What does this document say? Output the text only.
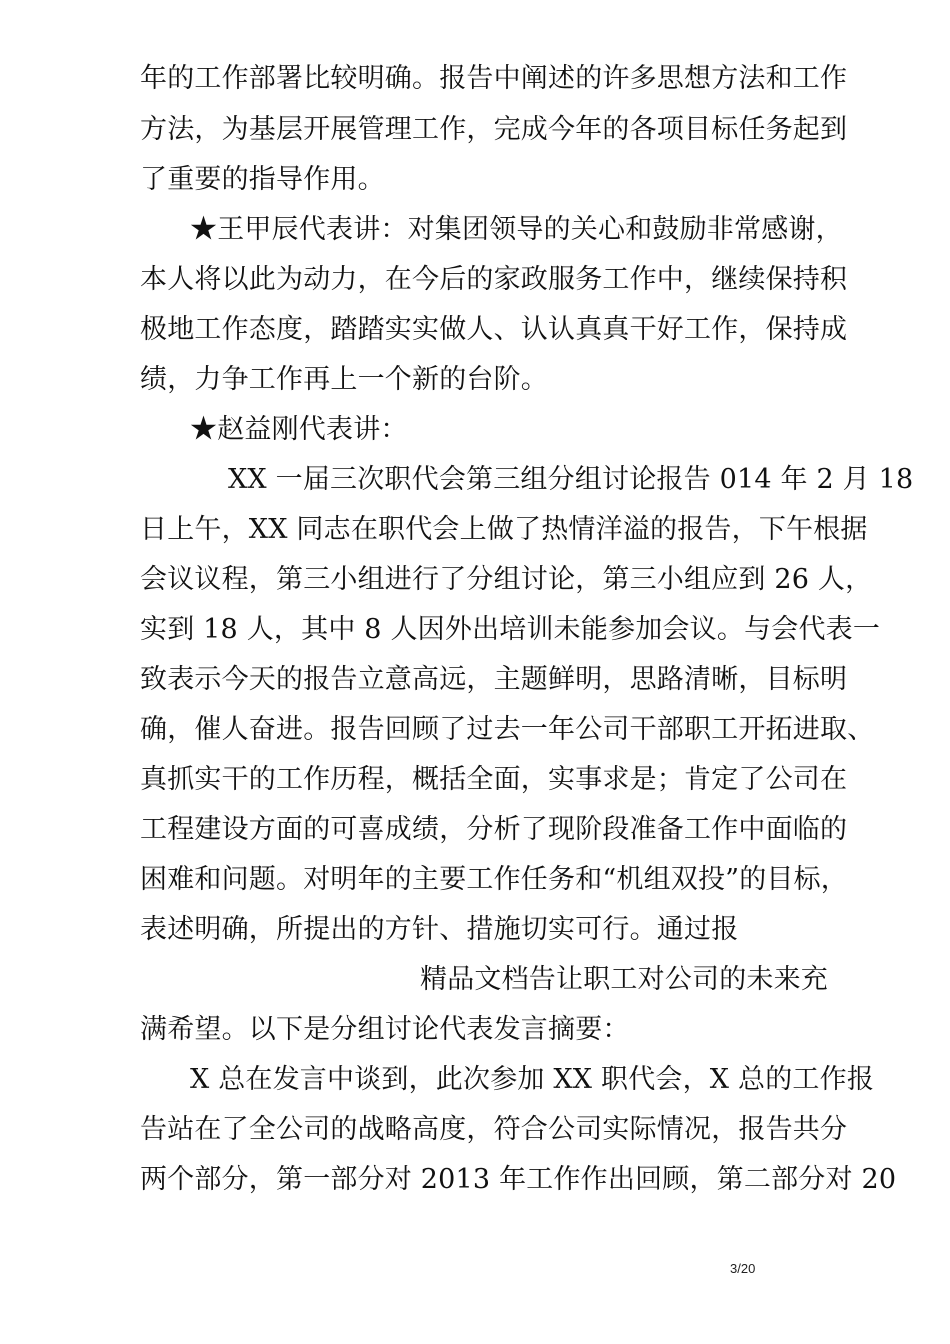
年的工作部署比较明确。报告中阐述的许多思想方法和工作
方法，为基层开展管理工作，完成今年的各项目标任务起到
了重要的指导作用。
★王甲辰代表讲：对集团领导的关心和鼓励非常感谢，
本人将以此为动力，在今后的家政服务工作中，继续保持积
极地工作态度，踏踏实实做人、认认真真干好工作，保持成
绩，力争工作再上一个新的台阶。
★赵益刚代表讲：
XX 一届三次职代会第三组分组讨论报告 014 年 2 月 18
日上午，XX 同志在职代会上做了热情洋溢的报告，下午根据
会议议程，第三小组进行了分组讨论，第三小组应到 26 人，
实到 18 人，其中 8 人因外出培训未能参加会议。与会代表一
致表示今天的报告立意高远，主题鲜明，思路清晰，目标明
确，催人奋进。报告回顾了过去一年公司干部职工开拓进取、
真抓实干的工作历程，概括全面，实事求是；肯定了公司在
工程建设方面的可喜成绩，分析了现阶段准备工作中面临的
困难和问题。对明年的主要工作任务和“机组双投”的目标，
表述明确，所提出的方针、措施切实可行。通过报
精品文档告让职工对公司的未来充
满希望。以下是分组讨论代表发言摘要：
X 总在发言中谈到，此次参加 XX 职代会，X 总的工作报
告站在了全公司的战略高度，符合公司实际情况，报告共分
两个部分，第一部分对 2013 年工作作出回顾，第二部分对 20
3/20
